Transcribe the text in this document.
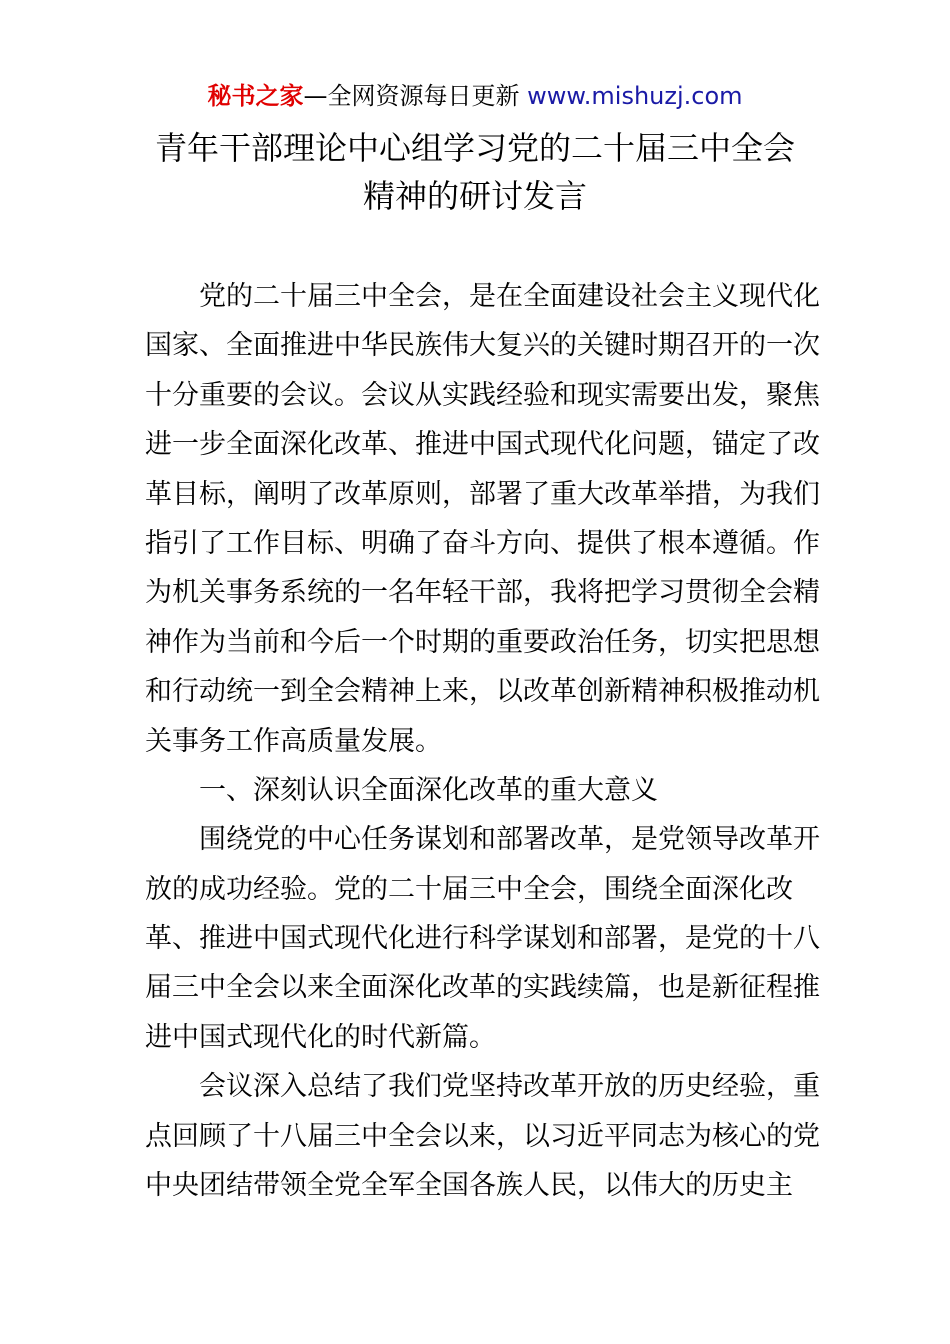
秘书之家—全网资源每日更新 www.mishuzj.com
青年干部理论中心组学习党的二十届三中全会
精神的研讨发言
党的二十届三中全会，是在全面建设社会主义现代化
国家、全面推进中华民族伟大复兴的关键时期召开的一次
十分重要的会议。会议从实践经验和现实需要出发，聚焦
进一步全面深化改革、推进中国式现代化问题，锚定了改
革目标，阐明了改革原则，部署了重大改革举措，为我们
指引了工作目标、明确了奋斗方向、提供了根本遵循。作
为机关事务系统的一名年轻干部，我将把学习贯彻全会精
神作为当前和今后一个时期的重要政治任务，切实把思想
和行动统一到全会精神上来，以改革创新精神积极推动机
关事务工作高质量发展。
一、深刻认识全面深化改革的重大意义
围绕党的中心任务谋划和部署改革，是党领导改革开
放的成功经验。党的二十届三中全会，围绕全面深化改
革、推进中国式现代化进行科学谋划和部署，是党的十八
届三中全会以来全面深化改革的实践续篇，也是新征程推
进中国式现代化的时代新篇。
会议深入总结了我们党坚持改革开放的历史经验，重
点回顾了十八届三中全会以来，以习近平同志为核心的党
中央团结带领全党全军全国各族人民，以伟大的历史主
